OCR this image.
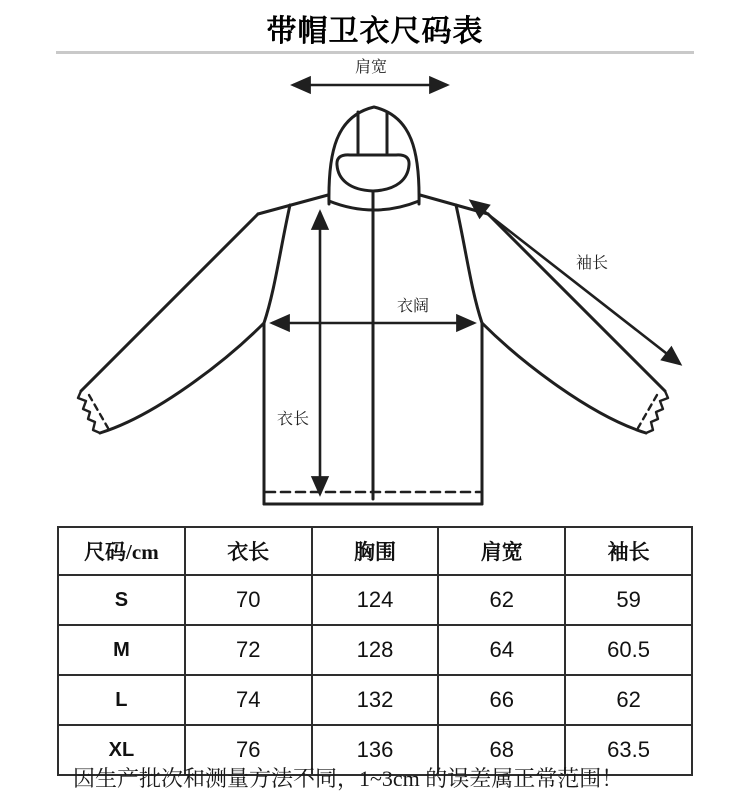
带帽卫衣尺码表
肩宽
衣阔
衣长
袖长
尺码/cm	衣长	胸围	肩宽	袖长
S	70	124	62	59
M	72	128	64	60.5
L	74	132	66	62
XL	76	136	68	63.5
因生产批次和测量方法不同，1~3cm 的误差属正常范围！
